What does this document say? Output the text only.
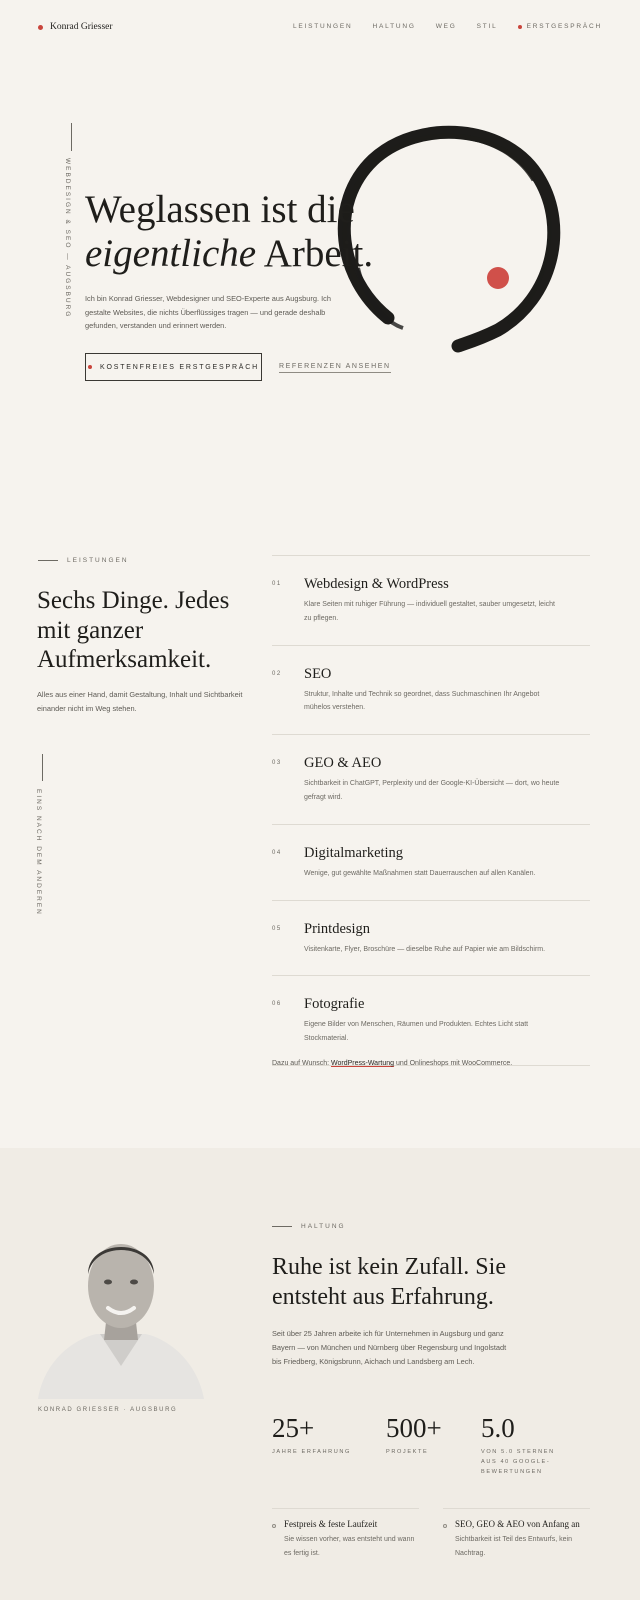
Konrad Griesser	LEISTUNGEN	HALTUNG	WEG	STIL	ERSTGESPRÄCH
WEBDESIGN & SEO — AUGSBURG Weglassen ist die
eigentliche Arbeit.

Ich bin Konrad Griesser, Webdesigner und SEO-Experte aus Augsburg. Ich gestalte Websites, die nichts Überflüssiges tragen — und gerade deshalb gefunden, verstanden und erinnert werden.

KOSTENFREIES ERSTGESPRÄCH	REFERENZEN ANSEHEN
LEISTUNGEN
Sechs Dinge. Jedes mit ganzer Aufmerksamkeit.

Alles aus einer Hand, damit Gestaltung, Inhalt und Sichtbarkeit einander nicht im Weg stehen.

EINS NACH DEM ANDEREN
01	Webdesign & WordPress
Klare Seiten mit ruhiger Führung — individuell gestaltet, sauber umgesetzt, leicht zu pflegen.
02	SEO
Struktur, Inhalte und Technik so geordnet, dass Suchmaschinen Ihr Angebot mühelos verstehen.
03	GEO & AEO
Sichtbarkeit in ChatGPT, Perplexity und der Google-KI-Übersicht — dort, wo heute gefragt wird.
04	Digitalmarketing
Wenige, gut gewählte Maßnahmen statt Dauerrauschen auf allen Kanälen.
05	Printdesign
Visitenkarte, Flyer, Broschüre — dieselbe Ruhe auf Papier wie am Bildschirm.
06	Fotografie
Eigene Bilder von Menschen, Räumen und Produkten. Echtes Licht statt Stockmaterial.

Dazu auf Wunsch: WordPress-Wartung und Onlineshops mit WooCommerce.

KONRAD GRIESSER · AUGSBURG
HALTUNG
Ruhe ist kein Zufall. Sie entsteht aus Erfahrung.

Seit über 25 Jahren arbeite ich für Unternehmen in Augsburg und ganz Bayern — von München und Nürnberg über Regensburg und Ingolstadt bis Friedberg, Königsbrunn, Aichach und Landsberg am Lech.

25+
JAHRE ERFAHRUNG
500+
PROJEKTE
5.0
VON 5.0 STERNEN AUS 40 GOOGLE-BEWERTUNGEN
Festpreis & feste Laufzeit
Sie wissen vorher, was entsteht und wann es fertig ist.
SEO, GEO & AEO von Anfang an
Sichtbarkeit ist Teil des Entwurfs, kein Nachtrag.
